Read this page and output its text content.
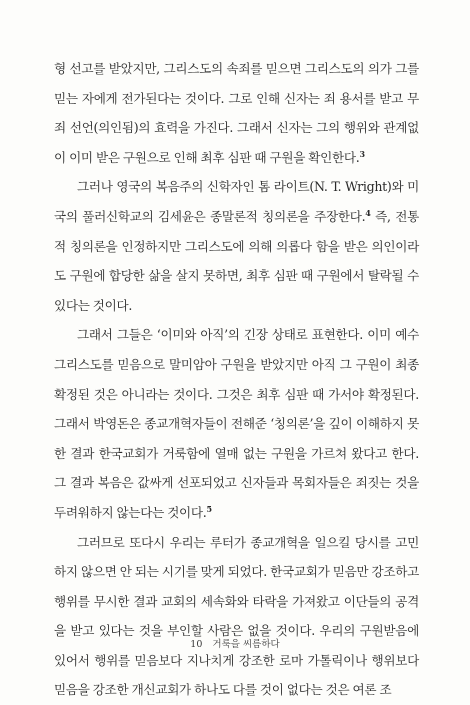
형 선고를 받았지만, 그리스도의 속죄를 믿으면 그리스도의 의가 그를 믿는 자에게 전가된다는 것이다. 그로 인해 신자는 죄 용서를 받고 무죄 선언(의인됨)의 효력을 가진다. 그래서 신자는 그의 행위와 관계없이 이미 받은 구원으로 인해 최후 심판 때 구원을 확인한다.$^3$

그러나 영국의 복음주의 신학자인 톰 라이트(N. T. Wright)와 미국의 풀러신학교의 김세윤은 종말론적 칭의론을 주장한다.$^4$ 즉, 전통적 칭의론을 인정하지만 그리스도에 의해 의롭다 함을 받은 의인이라도 구원에 합당한 삶을 살지 못하면, 최후 심판 때 구원에서 탈락될 수 있다는 것이다.

그래서 그들은 ‘이미와 아직’의 긴장 상태로 표현한다. 이미 예수 그리스도를 믿음으로 말미암아 구원을 받았지만 아직 그 구원이 최종 확정된 것은 아니라는 것이다. 그것은 최후 심판 때 가서야 확정된다. 그래서 박영돈은 종교개혁자들이 전해준 ‘칭의론’을 깊이 이해하지 못한 결과 한국교회가 거룩함에 열매 없는 구원을 가르쳐 왔다고 한다. 그 결과 복음은 값싸게 선포되었고 신자들과 목회자들은 죄짓는 것을 두려워하지 않는다는 것이다.$^5$

그러므로 또다시 우리는 루터가 종교개혁을 일으킬 당시를 고민하지 않으면 안 되는 시기를 맞게 되었다. 한국교회가 믿음만 강조하고 행위를 무시한 결과 교회의 세속화와 타락을 가져왔고 이단들의 공격을 받고 있다는 것을 부인할 사람은 없을 것이다. 우리의 구원받음에 있어서 행위를 믿음보다 지나치게 강조한 로마 가톨릭이나 행위보다 믿음을 강조한 개신교회가 하나도 다를 것이 없다는 것은 여론 조

10 거룩을 씨름하다
